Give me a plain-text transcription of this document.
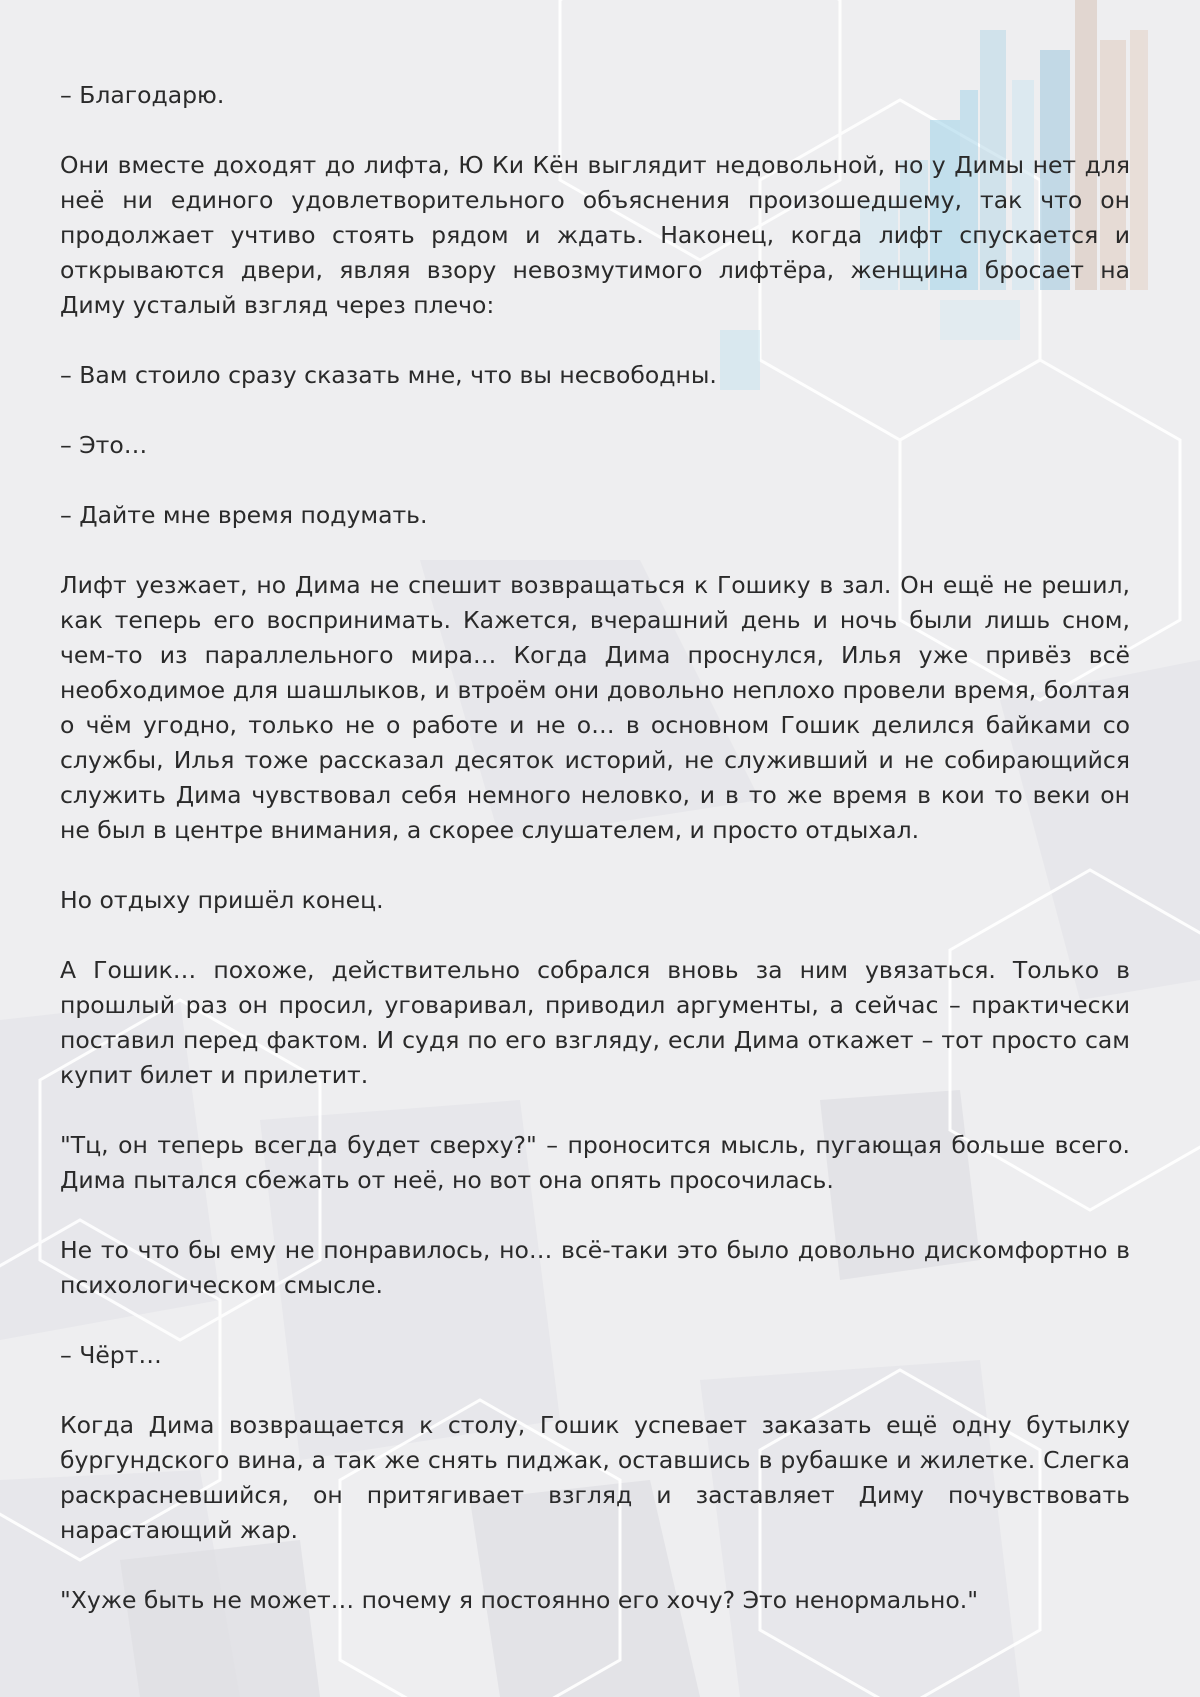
– Благодарю.

Они вместе доходят до лифта, Ю Ки Кён выглядит недовольной, но у Димы нет для неё ни единого удовлетворительного объяснения произошедшему, так что он продолжает учтиво стоять рядом и ждать. Наконец, когда лифт спускается и открываются двери, являя взору невозмутимого лифтёра, женщина бросает на Диму усталый взгляд через плечо:

– Вам стоило сразу сказать мне, что вы несвободны.

– Это…

– Дайте мне время подумать.

Лифт уезжает, но Дима не спешит возвращаться к Гошику в зал. Он ещё не решил, как теперь его воспринимать. Кажется, вчерашний день и ночь были лишь сном, чем-то из параллельного мира… Когда Дима проснулся, Илья уже привёз всё необходимое для шашлыков, и втроём они довольно неплохо провели время, болтая о чём угодно, только не о работе и не о… в основном Гошик делился байками со службы, Илья тоже рассказал десяток историй, не служивший и не собирающийся служить Дима чувствовал себя немного неловко, и в то же время в кои то веки он не был в центре внимания, а скорее слушателем, и просто отдыхал.

Но отдыху пришёл конец.

А Гошик… похоже, действительно собрался вновь за ним увязаться. Только в прошлый раз он просил, уговаривал, приводил аргументы, а сейчас – практически поставил перед фактом. И судя по его взгляду, если Дима откажет – тот просто сам купит билет и прилетит.

"Тц, он теперь всегда будет сверху?" – проносится мысль, пугающая больше всего. Дима пытался сбежать от неё, но вот она опять просочилась.

Не то что бы ему не понравилось, но… всё-таки это было довольно дискомфортно в психологическом смысле.

– Чёрт…

Когда Дима возвращается к столу, Гошик успевает заказать ещё одну бутылку бургундского вина, а так же снять пиджак, оставшись в рубашке и жилетке. Слегка раскрасневшийся, он притягивает взгляд и заставляет Диму почувствовать нарастающий жар.

"Хуже быть не может… почему я постоянно его хочу? Это ненормально."
